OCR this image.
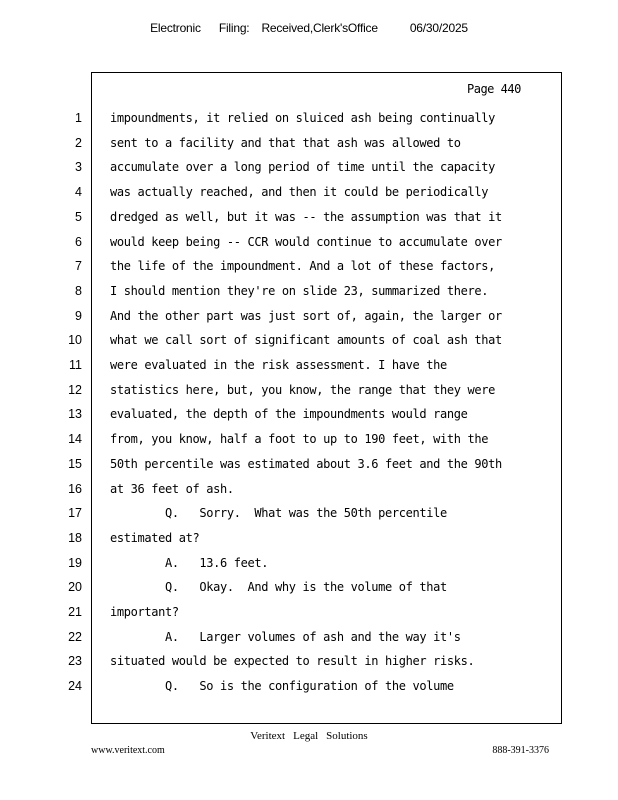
Electronic Filing: Received,Clerk'sOffice	06/30/2025
Page 440
1 impoundments, it relied on sluiced ash being continually
2 sent to a facility and that that ash was allowed to
3 accumulate over a long period of time until the capacity
4 was actually reached, and then it could be periodically
5 dredged as well, but it was -- the assumption was that it
6 would keep being -- CCR would continue to accumulate over
7 the life of the impoundment. And a lot of these factors,
8 I should mention they're on slide 23, summarized there.
9 And the other part was just sort of, again, the larger or
10 what we call sort of significant amounts of coal ash that
11 were evaluated in the risk assessment. I have the
12 statistics here, but, you know, the range that they were
13 evaluated, the depth of the impoundments would range
14 from, you know, half a foot to up to 190 feet, with the
15 50th percentile was estimated about 3.6 feet and the 90th
16 at 36 feet of ash.
17 Q.   Sorry.  What was the 50th percentile
18 estimated at?
19 A.   13.6 feet.
20 Q.   Okay.  And why is the volume of that
21 important?
22 A.   Larger volumes of ash and the way it's
23 situated would be expected to result in higher risks.
24 Q.   So is the configuration of the volume
Veritext Legal Solutions
www.veritext.com	888-391-3376
